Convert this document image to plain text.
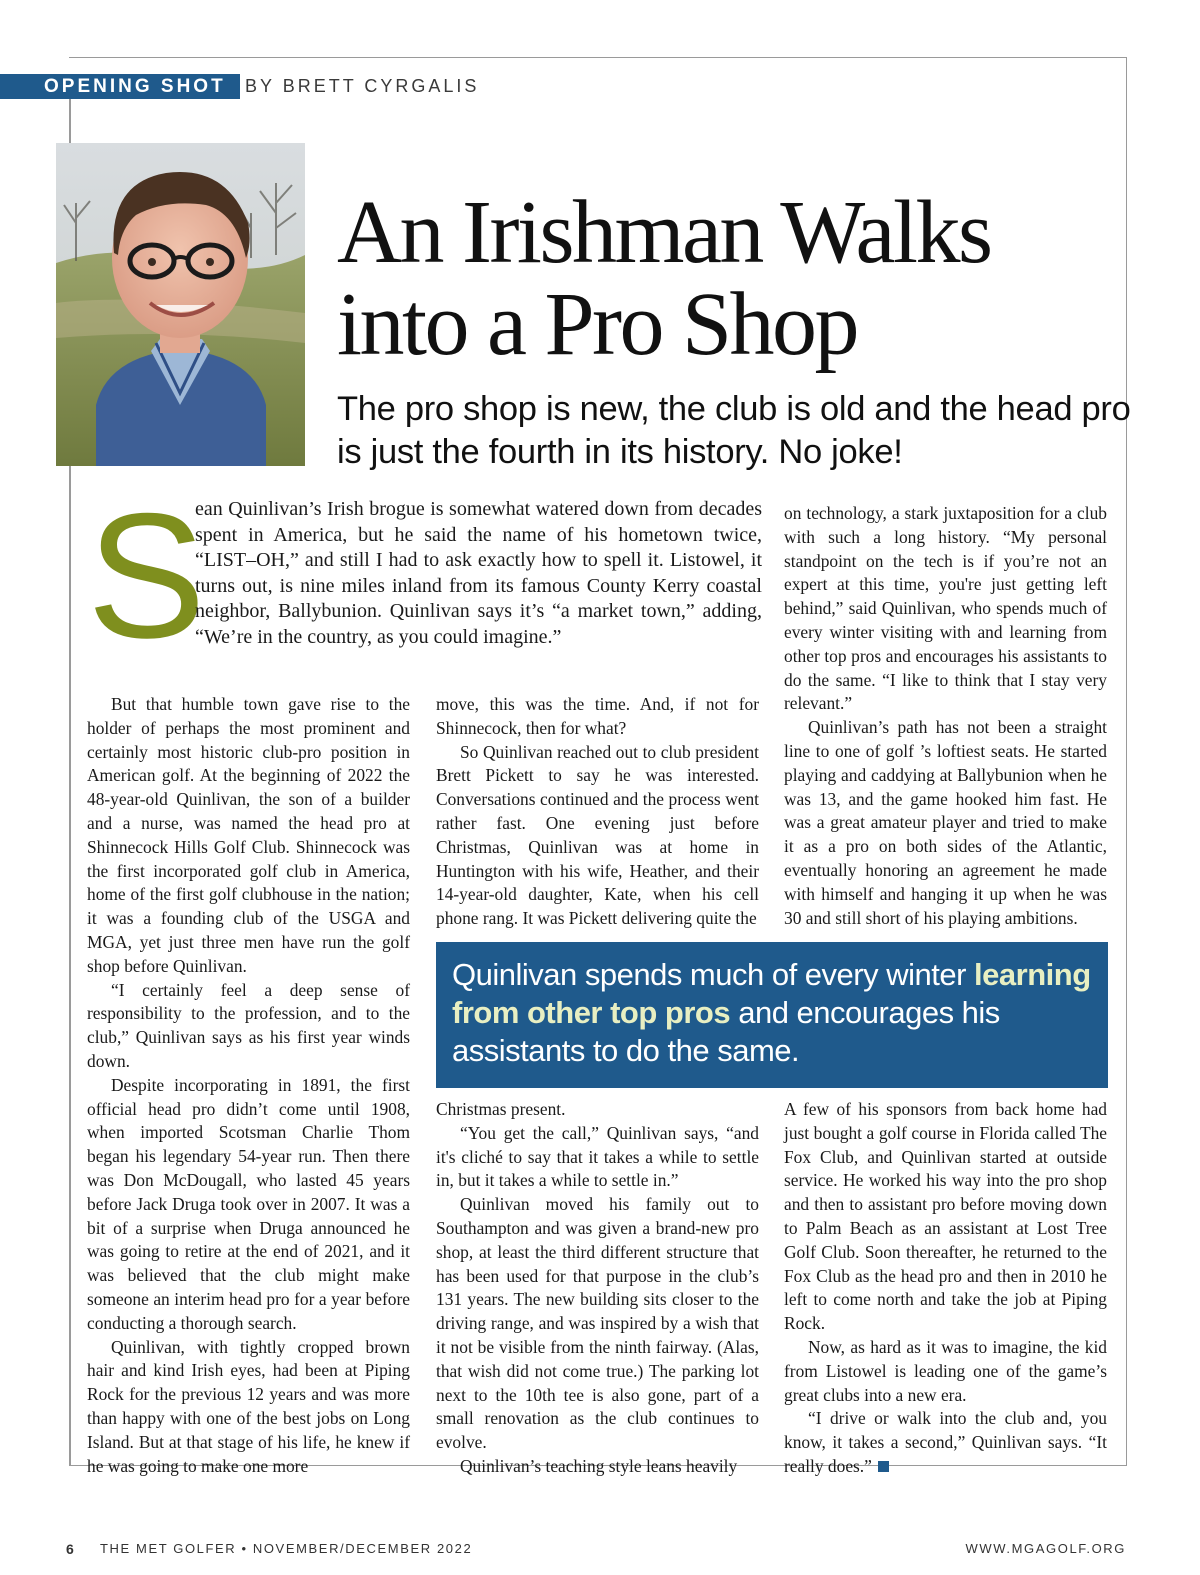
OPENING SHOT	BY BRETT CYRGALIS
An Irishman Walks
into a Pro Shop

The pro shop is new, the club is old and the head pro is just the fourth in its history. No joke!

S
ean Quinlivan’s Irish brogue is somewhat watered down from decades spent in America, but he said the name of his hometown twice, “LIST–OH,” and still I had to ask exactly how to spell it. Listowel, it turns out, is nine miles inland from its famous County Kerry coastal neighbor, Ballybunion. Quinlivan says it’s “a market town,” adding, “We’re in the country, as you could imagine.”

But that humble town gave rise to the holder of perhaps the most prominent and certainly most historic club-pro position in American golf. At the beginning of 2022 the 48-year-old Quinlivan, the son of a builder and a nurse, was named the head pro at Shinnecock Hills Golf Club. Shinnecock was the first incorporated golf club in America, home of the first golf clubhouse in the nation; it was a founding club of the USGA and MGA, yet just three men have run the golf shop before Quinlivan.

“I certainly feel a deep sense of responsibility to the profession, and to the club,” Quinlivan says as his first year winds down.

Despite incorporating in 1891, the first official head pro didn’t come until 1908, when imported Scotsman Charlie Thom began his legendary 54-year run. Then there was Don McDougall, who lasted 45 years before Jack Druga took over in 2007. It was a bit of a surprise when Druga announced he was going to retire at the end of 2021, and it was believed that the club might make someone an interim head pro for a year before conducting a thorough search.

Quinlivan, with tightly cropped brown hair and kind Irish eyes, had been at Piping Rock for the previous 12 years and was more than happy with one of the best jobs on Long Island. But at that stage of his life, he knew if he was going to make one more

move, this was the time. And, if not for Shinnecock, then for what?

So Quinlivan reached out to club president Brett Pickett to say he was interested. Conversations continued and the process went rather fast. One evening just before Christmas, Quinlivan was at home in Huntington with his wife, Heather, and their 14-year-old daughter, Kate, when his cell phone rang. It was Pickett delivering quite the

on technology, a stark juxtaposition for a club with such a long history. “My personal standpoint on the tech is if you’re not an expert at this time, you're just getting left behind,” said Quinlivan, who spends much of every winter visiting with and learning from other top pros and encourages his assistants to do the same. “I like to think that I stay very relevant.”

Quinlivan’s path has not been a straight line to one of golf ’s loftiest seats. He started playing and caddying at Ballybunion when he was 13, and the game hooked him fast. He was a great amateur player and tried to make it as a pro on both sides of the Atlantic, eventually honoring an agreement he made with himself and hanging it up when he was 30 and still short of his playing ambitions.

Quinlivan spends much of every winter learning from other top pros and encourages his assistants to do the same.

Christmas present.

“You get the call,” Quinlivan says, “and it's cliché to say that it takes a while to settle in, but it takes a while to settle in.”

Quinlivan moved his family out to Southampton and was given a brand-new pro shop, at least the third different structure that has been used for that purpose in the club’s 131 years. The new building sits closer to the driving range, and was inspired by a wish that it not be visible from the ninth fairway. (Alas, that wish did not come true.) The parking lot next to the 10th tee is also gone, part of a small renovation as the club continues to evolve.

Quinlivan’s teaching style leans heavily

A few of his sponsors from back home had just bought a golf course in Florida called The Fox Club, and Quinlivan started at outside service. He worked his way into the pro shop and then to assistant pro before moving down to Palm Beach as an assistant at Lost Tree Golf Club. Soon thereafter, he returned to the Fox Club as the head pro and then in 2010 he left to come north and take the job at Piping Rock.

Now, as hard as it was to imagine, the kid from Listowel is leading one of the game’s great clubs into a new era.

“I drive or walk into the club and, you know, it takes a second,” Quinlivan says. “It really does.”

6 THE MET GOLFER • NOVEMBER/DECEMBER 2022	WWW.MGAGOLF.ORG
